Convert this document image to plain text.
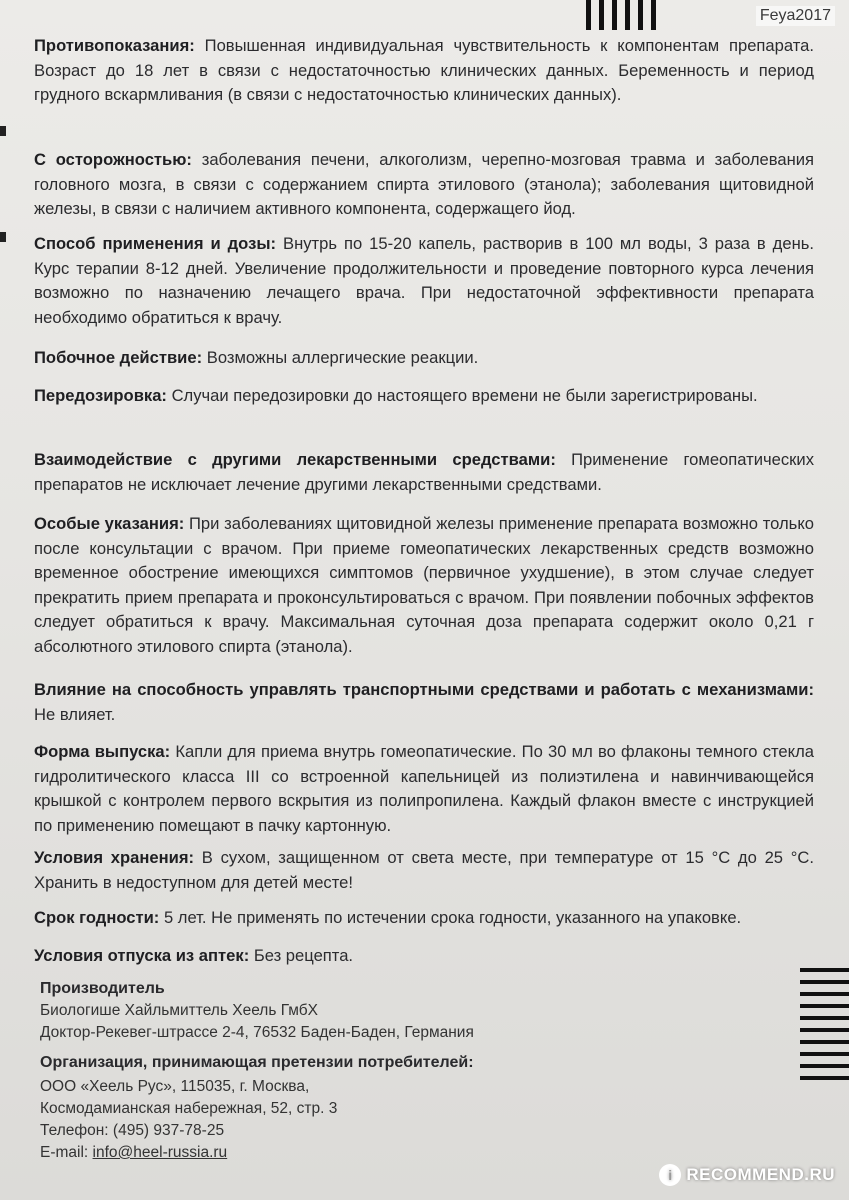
Feya2017

Противопоказания: Повышенная индивидуальная чувствительность к компонентам препарата. Возраст до 18 лет в связи с недостаточностью клинических данных. Беременность и период грудного вскармливания (в связи с недостаточностью клинических данных).

С осторожностью: заболевания печени, алкоголизм, черепно-мозговая травма и заболевания головного мозга, в связи с содержанием спирта этилового (этанола); заболевания щитовидной железы, в связи с наличием активного компонента, содержащего йод.

Способ применения и дозы: Внутрь по 15-20 капель, растворив в 100 мл воды, 3 раза в день. Курс терапии 8-12 дней. Увеличение продолжительности и проведение повторного курса лечения возможно по назначению лечащего врача. При недостаточной эффективности препарата необходимо обратиться к врачу.

Побочное действие: Возможны аллергические реакции.

Передозировка: Случаи передозировки до настоящего времени не были зарегистрированы.

Взаимодействие с другими лекарственными средствами: Применение гомеопатических препаратов не исключает лечение другими лекарственными средствами.

Особые указания: При заболеваниях щитовидной железы применение препарата возможно только после консультации с врачом. При приеме гомеопатических лекарственных средств возможно временное обострение имеющихся симптомов (первичное ухудшение), в этом случае следует прекратить прием препарата и проконсультироваться с врачом. При появлении побочных эффектов следует обратиться к врачу. Максимальная суточная доза препарата содержит около 0,21 г абсолютного этилового спирта (этанола).

Влияние на способность управлять транспортными средствами и работать с механизмами: Не влияет.

Форма выпуска: Капли для приема внутрь гомеопатические. По 30 мл во флаконы темного стекла гидролитического класса III со встроенной капельницей из полиэтилена и навинчивающейся крышкой с контролем первого вскрытия из полипропилена. Каждый флакон вместе с инструкцией по применению помещают в пачку картонную.

Условия хранения: В сухом, защищенном от света месте, при температуре от 15 °С до 25 °С. Хранить в недоступном для детей месте!

Срок годности: 5 лет. Не применять по истечении срока годности, указанного на упаковке.

Условия отпуска из аптек: Без рецепта.

Производитель

Биологише Хайльмиттель Хеель ГмбХ

Доктор-Рекевег-штрассе 2-4, 76532 Баден-Баден, Германия

Организация, принимающая претензии потребителей:

ООО «Хеель Рус», 115035, г. Москва,

Космодамианская набережная, 52, стр. 3

Телефон: (495) 937-78-25

E-mail: info@heel-russia.ru

i RECOMMEND.RU
